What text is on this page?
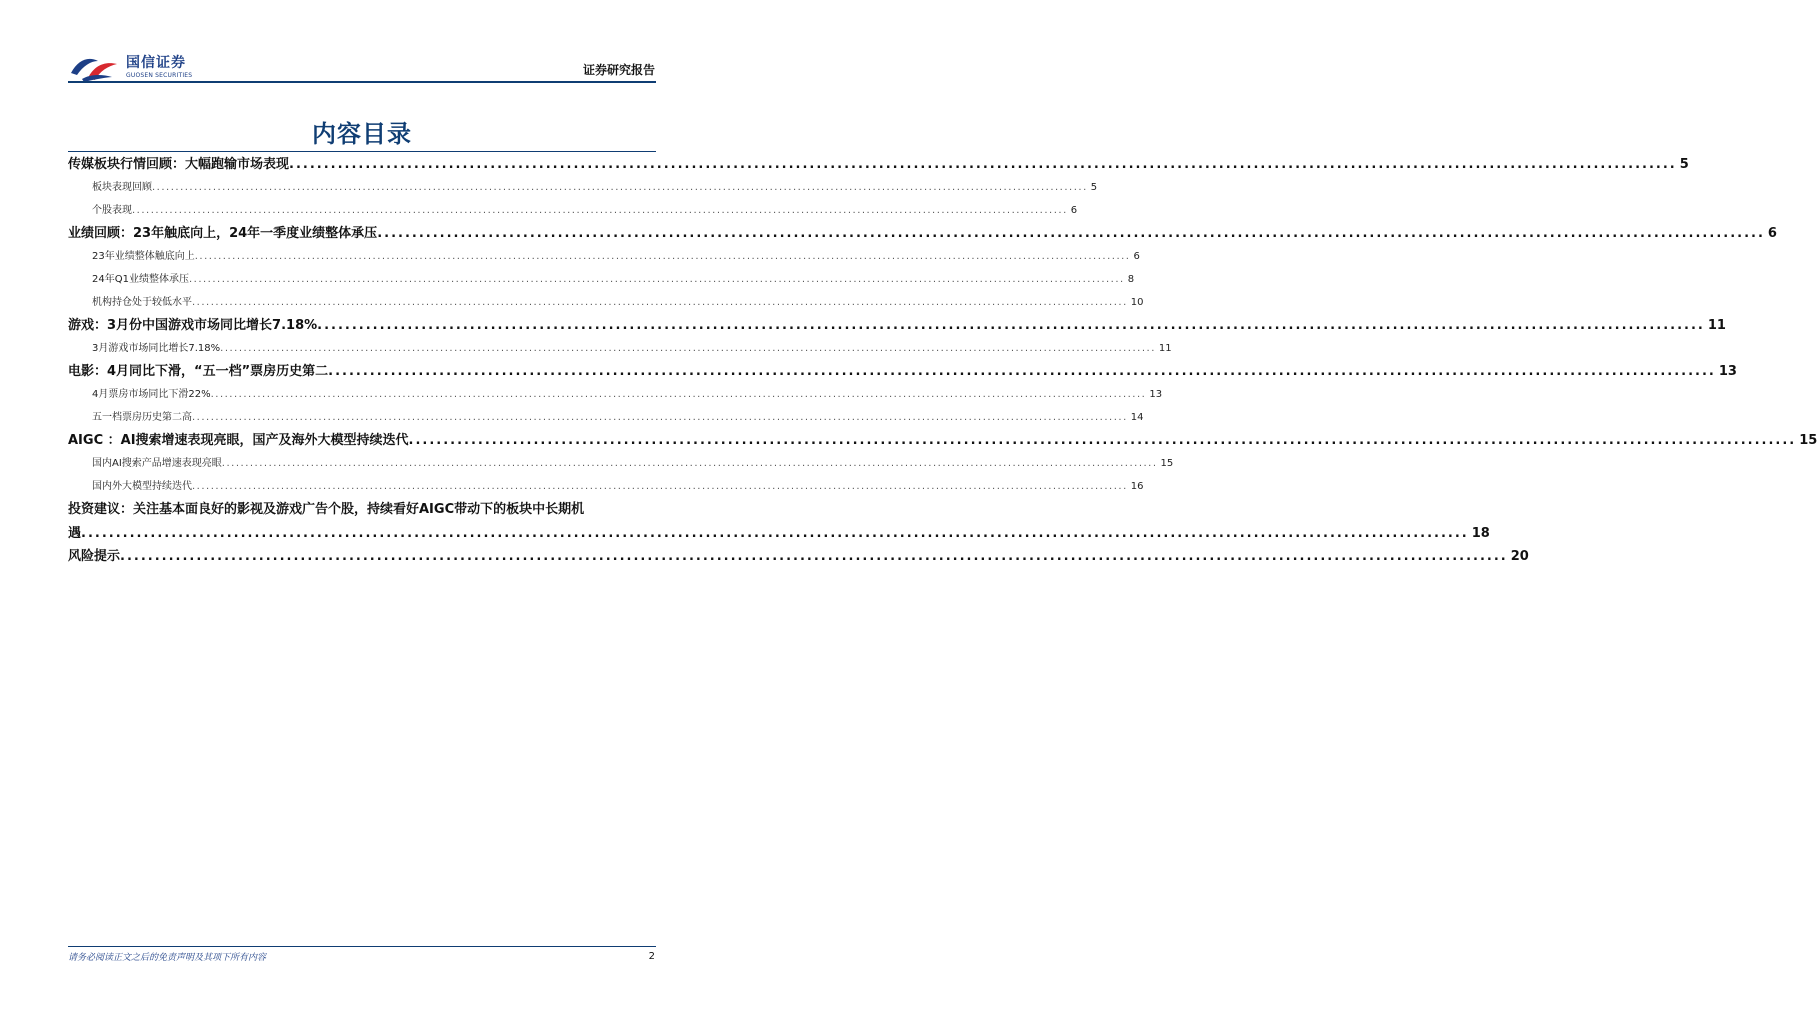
国信证券
GUOSEN SECURITIES	证券研究报告
内容目录
传媒板块行情回顾：大幅跑输市场表现 ........................................................................................................................................................................................................ 5
板块表现回顾 ........................................................................................................................................................................................................ 5
个股表现 ........................................................................................................................................................................................................ 6
业绩回顾：23年触底向上，24年一季度业绩整体承压 ........................................................................................................................................................................................................ 6
23年业绩整体触底向上 ........................................................................................................................................................................................................ 6
24年Q1业绩整体承压 ........................................................................................................................................................................................................ 8
机构持仓处于较低水平 ........................................................................................................................................................................................................ 10
游戏：3月份中国游戏市场同比增长7.18% ........................................................................................................................................................................................................ 11
3月游戏市场同比增长7.18% ........................................................................................................................................................................................................ 11
电影：4月同比下滑，“五一档”票房历史第二 ........................................................................................................................................................................................................ 13
4月票房市场同比下滑22% ........................................................................................................................................................................................................ 13
五一档票房历史第二高 ........................................................................................................................................................................................................ 14
AIGC ：AI搜索增速表现亮眼，国产及海外大模型持续迭代 ........................................................................................................................................................................................................ 15
国内AI搜索产品增速表现亮眼 ........................................................................................................................................................................................................ 15
国内外大模型持续迭代 ........................................................................................................................................................................................................ 16
投资建议：关注基本面良好的影视及游戏广告个股，持续看好AIGC带动下的板块中长期机
遇 ........................................................................................................................................................................................................ 18
风险提示 ........................................................................................................................................................................................................ 20
请务必阅读正文之后的免责声明及其项下所有内容	2
